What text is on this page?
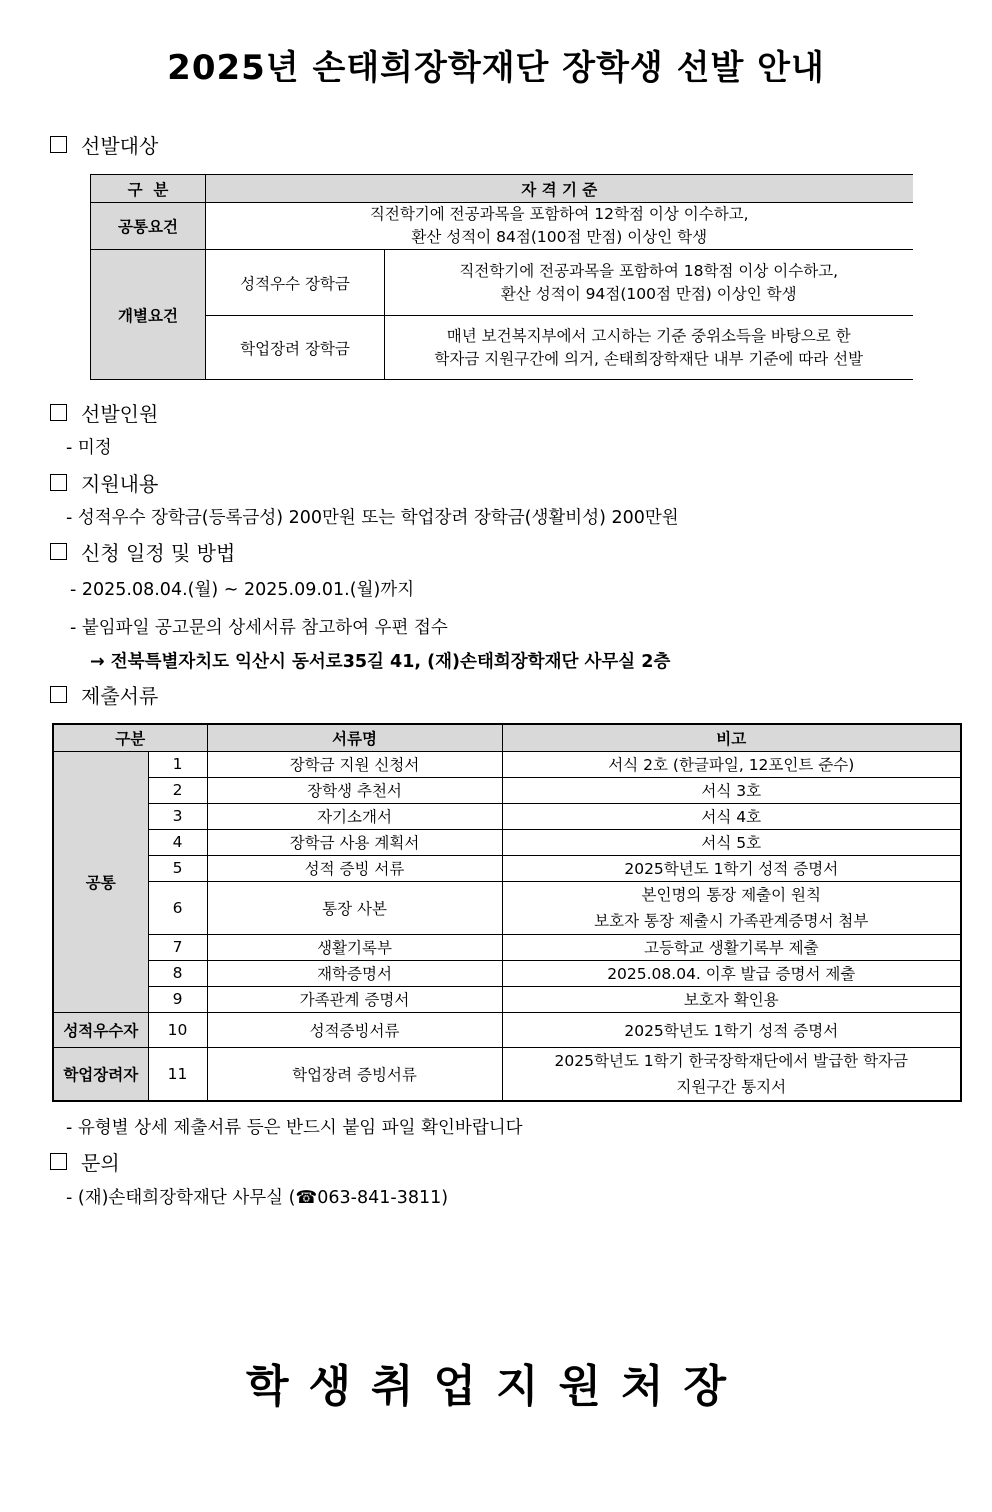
2025년 손태희장학재단 장학생 선발 안내
선발대상
구  분	자 격 기 준	
공통요건	직전학기에 전공과목을 포함하여 12학점 이상 이수하고,
환산 성적이 84점(100점 만점) 이상인 학생	

개별요건	성적우수 장학금	직전학기에 전공과목을 포함하여 18학점 이상 이수하고,
환산 성적이 94점(100점 만점) 이상인 학생

	학업장려 장학금	매년 보건복지부에서 고시하는 기준 중위소득을 바탕으로 한
학자금 지원구간에 의거, 손태희장학재단 내부 기준에 따라 선발
선발인원
- 미정
지원내용
- 성적우수 장학금(등록금성) 200만원 또는 학업장려 장학금(생활비성) 200만원
신청 일정 및 방법
- 2025.08.04.(월) ~ 2025.09.01.(월)까지
- 붙임파일 공고문의 상세서류 참고하여 우편 접수
→ 전북특별자치도 익산시 동서로35길 41, (재)손태희장학재단 사무실 2층
제출서류
구분		서류명	비고
공통	1	장학금 지원 신청서	서식 2호 (한글파일, 12포인트 준수)
	2	장학생 추천서	서식 3호
	3	자기소개서	서식 4호
	4	장학금 사용 계획서	서식 5호
	5	성적 증빙 서류	2025학년도 1학기 성적 증명서
	6	통장 사본	본인명의 통장 제출이 원칙
보호자 통장 제출시 가족관계증명서 첨부

	7	생활기록부	고등학교 생활기록부 제출
	8	재학증명서	2025.08.04. 이후 발급 증명서 제출
	9	가족관계 증명서	보호자 확인용
성적우수자	10	성적증빙서류	2025학년도 1학기 성적 증명서
학업장려자	11	학업장려 증빙서류	2025학년도 1학기 한국장학재단에서 발급한 학자금
지원구간 통지서
- 유형별 상세 제출서류 등은 반드시 붙임 파일 확인바랍니다
문의
- (재)손태희장학재단 사무실 (☎063-841-3811)
학생취업지원처장
